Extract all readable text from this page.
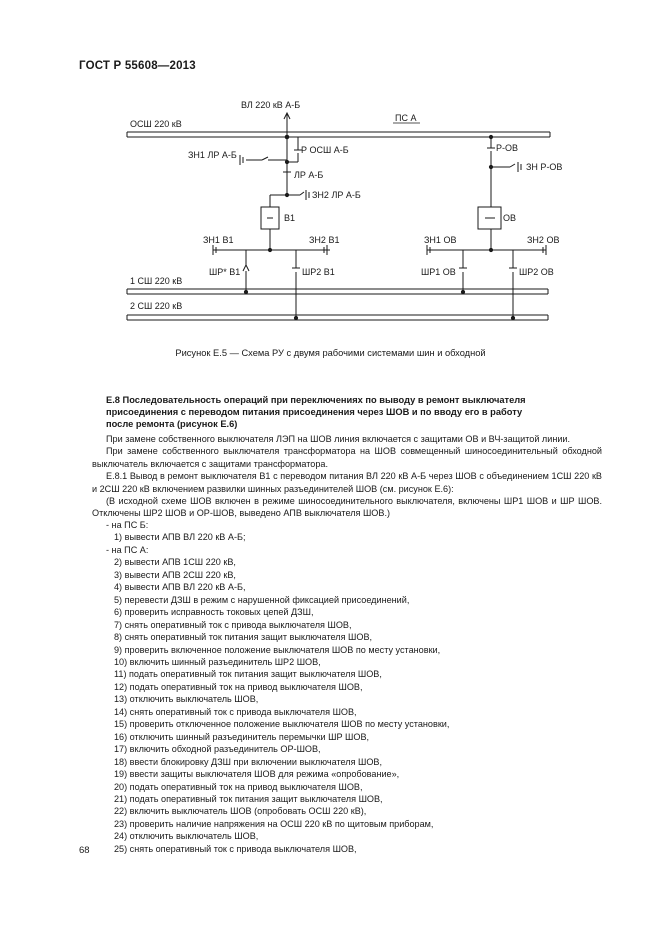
ГОСТ Р 55608—2013
ВЛ 220 кВ А-Б
ОСШ 220 кВ
ПС А
ЗН1 ЛР А-Б	Р ОСШ А-Б
ЛР А-Б
ЗН2 ЛР А-Б
В1
ЗН1 В1	ЗН2 В1
ШР* В1	ШР2 В1
Р-ОВ
ЗН Р-ОВ
ОВ
ЗН1 ОВ	ЗН2 ОВ
ШР1 ОВ	ШР2 ОВ
1 СШ 220 кВ
2 СШ 220 кВ
Рисунок Е.5 — Схема РУ с двумя рабочими системами шин и обходной
Е.8 Последовательность операций при переключениях по выводу в ремонт выключателя
присоединения с переводом питания присоединения через ШОВ и по вводу его в работу
после ремонта (рисунок Е.6)

При замене собственного выключателя ЛЭП на ШОВ линия включается с защитами ОВ и ВЧ-защитой линии.

При замене собственного выключателя трансформатора на ШОВ совмещенный шиносоединительный обходной выключатель включается с защитами трансформатора.

Е.8.1 Вывод в ремонт выключателя В1 с переводом питания ВЛ 220 кВ А-Б через ШОВ с объединением 1СШ 220 кВ и 2СШ 220 кВ включением развилки шинных разъединителей ШОВ (см. рисунок Е.6):

(В исходной схеме ШОВ включен в режиме шиносоединительного выключателя, включены ШР1 ШОВ и ШР ШОВ. Отключены ШР2 ШОВ и ОР-ШОВ, выведено АПВ выключателя ШОВ.)

- на ПС Б:
1) вывести АПВ ВЛ 220 кВ А-Б;
- на ПС А:
2) вывести АПВ 1СШ 220 кВ,
3) вывести АПВ 2СШ 220 кВ,
4) вывести АПВ ВЛ 220 кВ А-Б,
5) перевести ДЗШ в режим с нарушенной фиксацией присоединений,
6) проверить исправность токовых цепей ДЗШ,
7) снять оперативный ток с привода выключателя ШОВ,
8) снять оперативный ток питания защит выключателя ШОВ,
9) проверить включенное положение выключателя ШОВ по месту установки,
10) включить шинный разъединитель ШР2 ШОВ,
11) подать оперативный ток питания защит выключателя ШОВ,
12) подать оперативный ток на привод выключателя ШОВ,
13) отключить выключатель ШОВ,
14) снять оперативный ток с привода выключателя ШОВ,
15) проверить отключенное положение выключателя ШОВ по месту установки,
16) отключить шинный разъединитель перемычки ШР ШОВ,
17) включить обходной разъединитель ОР-ШОВ,
18) ввести блокировку ДЗШ при включении выключателя ШОВ,
19) ввести защиты выключателя ШОВ для режима «опробование»,
20) подать оперативный ток на привод выключателя ШОВ,
21) подать оперативный ток питания защит выключателя ШОВ,
22) включить выключатель ШОВ (опробовать ОСШ 220 кВ),
23) проверить наличие напряжения на ОСШ 220 кВ по щитовым приборам,
24) отключить выключатель ШОВ,
25) снять оперативный ток с привода выключателя ШОВ,
68
